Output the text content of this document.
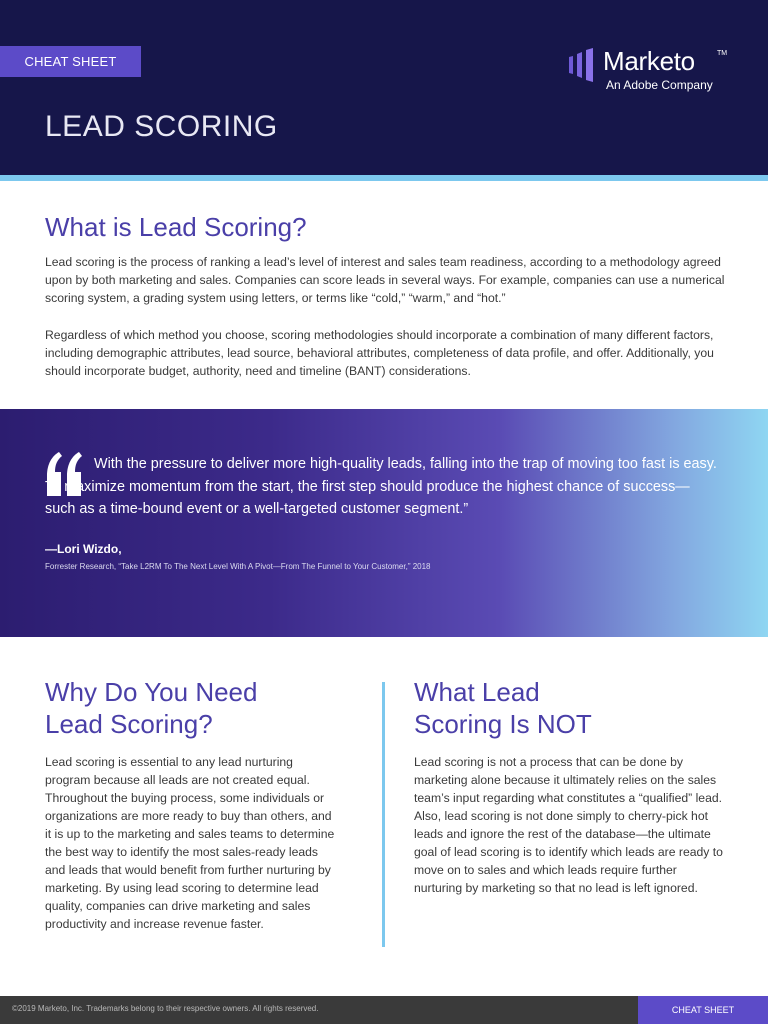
CHEAT SHEET
LEAD SCORING
Marketo	TM
An Adobe Company
What is Lead Scoring?

Lead scoring is the process of ranking a lead’s level of interest and sales team readiness, according to a methodology agreed upon by both marketing and sales. Companies can score leads in several ways. For example, companies can use a numerical scoring system, a grading system using letters, or terms like “cold,” “warm,” and “hot.”

Regardless of which method you choose, scoring methodologies should incorporate a combination of many different factors, including demographic attributes, lead source, behavioral attributes, completeness of data profile, and offer. Additionally, you should incorporate budget, authority, need and timeline (BANT) considerations.

With the pressure to deliver more high-quality leads, falling into the trap of moving too fast is easy. To maximize momentum from the start, the first step should produce the highest chance of success—such as a time-bound event or a well-targeted customer segment.”

—Lori Wizdo,

Forrester Research, “Take L2RM To The Next Level With A Pivot—From The Funnel to Your Customer,” 2018

Why Do You Need
Lead Scoring?

Lead scoring is essential to any lead nurturing program because all leads are not created equal. Throughout the buying process, some individuals or organizations are more ready to buy than others, and it is up to the marketing and sales teams to determine the best way to identify the most sales-ready leads and leads that would benefit from further nurturing by marketing. By using lead scoring to determine lead quality, companies can drive marketing and sales productivity and increase revenue faster.

What Lead
Scoring Is NOT

Lead scoring is not a process that can be done by marketing alone because it ultimately relies on the sales team’s input regarding what constitutes a “qualified” lead. Also, lead scoring is not done simply to cherry-pick hot leads and ignore the rest of the database—the ultimate goal of lead scoring is to identify which leads are ready to move on to sales and which leads require further nurturing by marketing so that no lead is left ignored.

©2019 Marketo, Inc. Trademarks belong to their respective owners. All rights reserved.	CHEAT SHEET
